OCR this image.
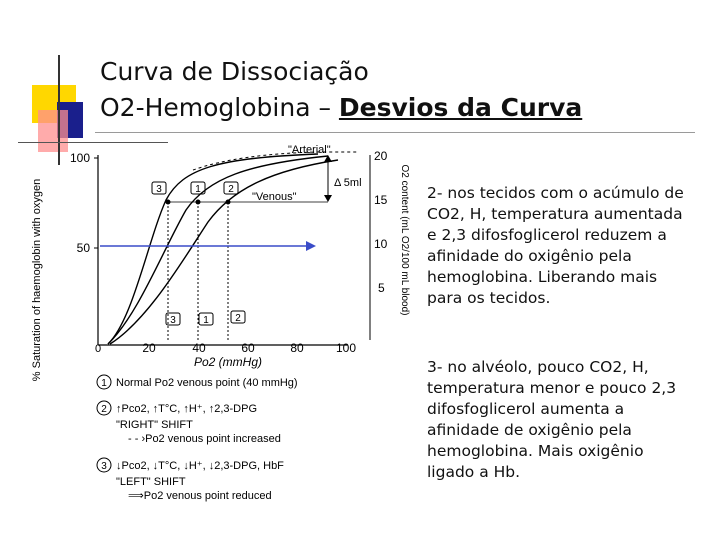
Curva de Dissociação
O2-Hemoglobina – Desvios da Curva
% Saturation of haemoglobin with oxygen	O2 content (mL O2/100 mL blood)
100
50
0
20
15
10
5
20	40	60	80	100
Po2 (mmHg)
"Arterial"
"Venous"
Δ 5ml
3	1	2
3	1	2
1 Normal Po2 venous point (40 mmHg)
2 ↑Pco2, ↑T°C, ↑H⁺, ↑2,3-DPG
"RIGHT" SHIFT
- - ›Po2 venous point increased
3 ↓Pco2, ↓T°C, ↓H⁺, ↓2,3-DPG, HbF
"LEFT" SHIFT
⟹Po2 venous point reduced
2- nos tecidos com o acúmulo de CO2, H, temperatura aumentada e 2,3 difosfoglicerol reduzem a afinidade do oxigênio pela hemoglobina. Liberando mais para os tecidos.
3- no alvéolo, pouco CO2, H, temperatura menor e pouco 2,3 difosfoglicerol aumenta a afinidade de oxigênio pela hemoglobina. Mais oxigênio ligado a Hb.
